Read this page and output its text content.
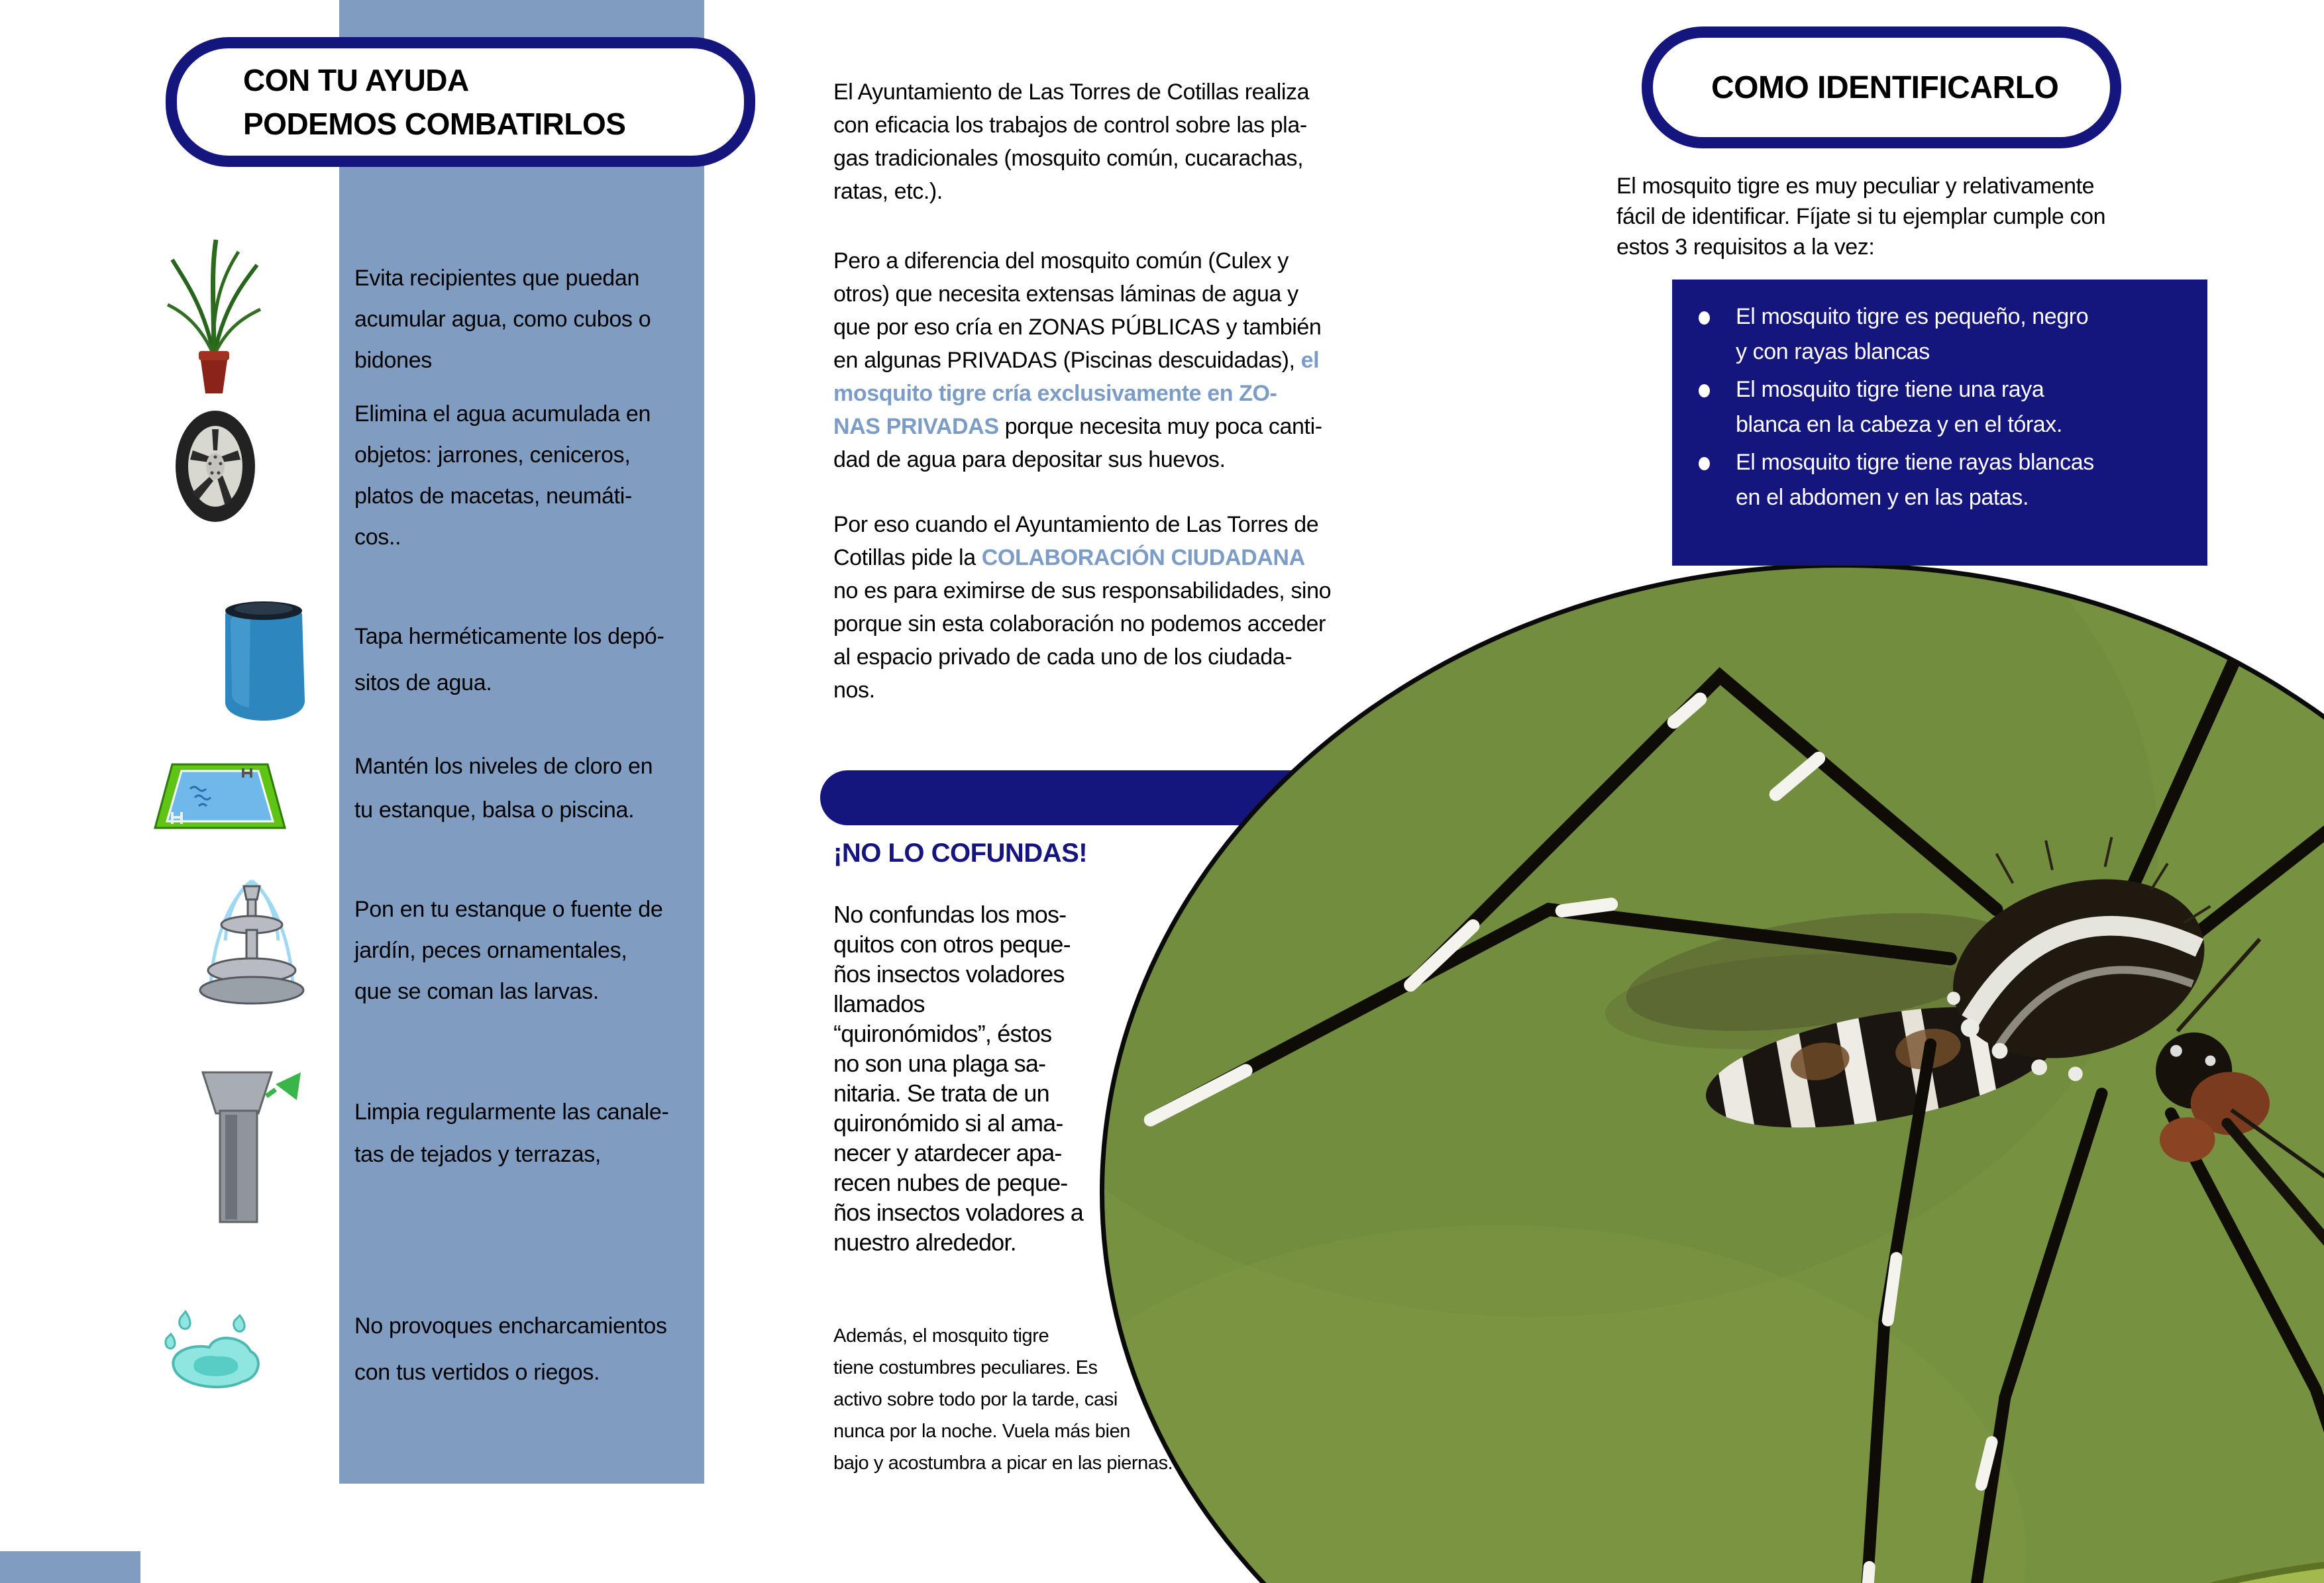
CON TU AYUDA
PODEMOS COMBATIRLOS
Evita recipientes que puedan
acumular agua, como cubos o
bidones
Elimina el agua acumulada en
objetos: jarrones, ceniceros,
platos de macetas, neumáti-
cos..
Tapa herméticamente los depó-
sitos de agua.
Mantén los niveles de cloro en
tu estanque, balsa o piscina.
Pon en tu estanque o fuente de
jardín, peces ornamentales,
que se coman las larvas.
Limpia regularmente las canale-
tas de tejados y terrazas,
No provoques encharcamientos
con tus vertidos o riegos.
El Ayuntamiento de Las Torres de Cotillas realiza
con eficacia los trabajos de control sobre las pla-
gas tradicionales (mosquito común, cucarachas,
ratas, etc.).
Pero a diferencia del mosquito común (Culex y
otros) que necesita extensas láminas de agua y
que por eso cría en ZONAS PÚBLICAS y también
en algunas PRIVADAS (Piscinas descuidadas), el
mosquito tigre cría exclusivamente en ZO-
NAS PRIVADAS porque necesita muy poca canti-
dad de agua para depositar sus huevos.
Por eso cuando el Ayuntamiento de Las Torres de
Cotillas pide la COLABORACIÓN CIUDADANA
no es para eximirse de sus responsabilidades, sino
porque sin esta colaboración no podemos acceder
al espacio privado de cada uno de los ciudada-
nos.
¡NO LO COFUNDAS!
No confundas los mos-
quitos con otros peque-
ños insectos voladores
llamados
“quironómidos”, éstos
no son una plaga sa-
nitaria. Se trata de un
quironómido si al ama-
necer y atardecer apa-
recen nubes de peque-
ños insectos voladores a
nuestro alrededor.
Además, el mosquito tigre
tiene costumbres peculiares. Es
activo sobre todo por la tarde, casi
nunca por la noche. Vuela más bien
bajo y acostumbra a picar en las piernas.
COMO IDENTIFICARLO
El mosquito tigre es muy peculiar y relativamente
fácil de identificar. Fíjate si tu ejemplar cumple con
estos 3 requisitos a la vez:
El mosquito tigre es pequeño, negro
y con rayas blancas
El mosquito tigre tiene una raya
blanca en la cabeza y en el tórax.
El mosquito tigre tiene rayas blancas
en el abdomen y en las patas.
